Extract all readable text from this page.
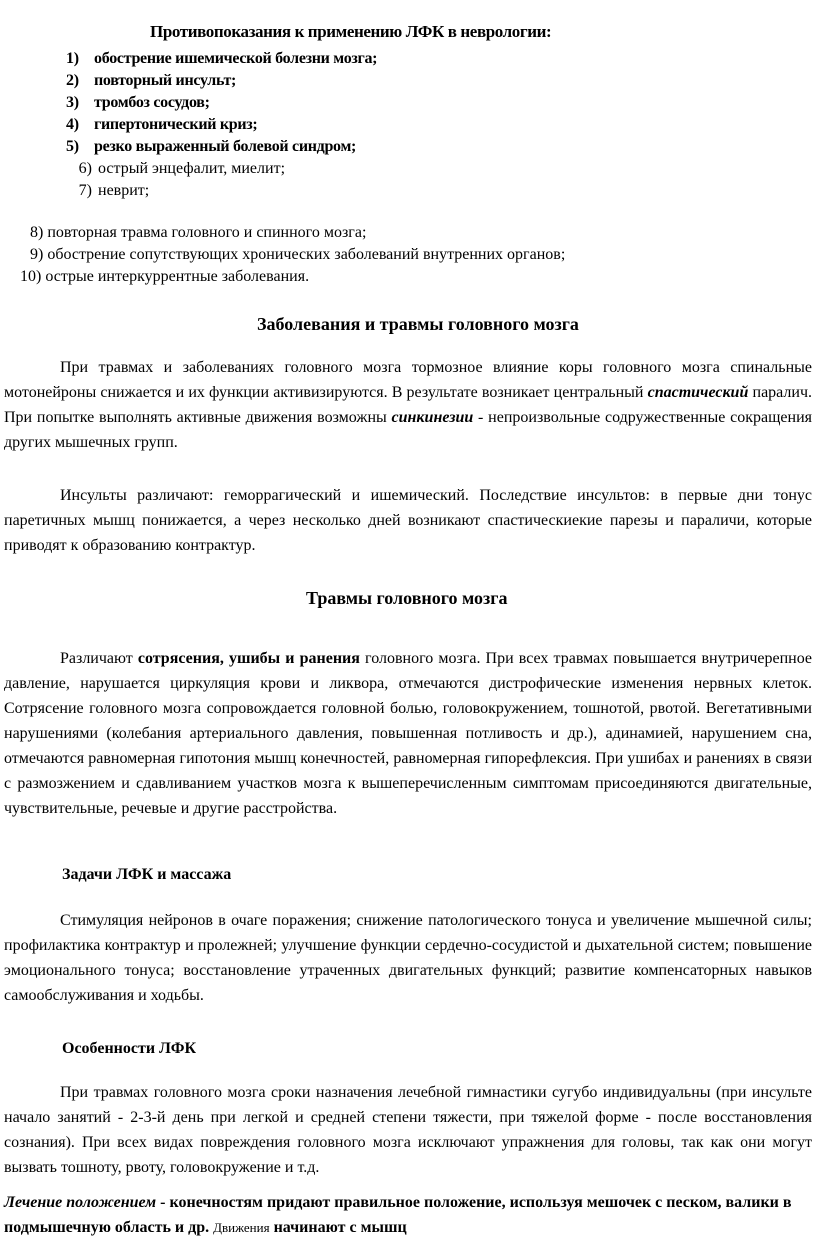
Противопоказания к применению ЛФК в неврологии:
1) обострение ишемической болезни мозга;
2) повторный инсульт;
3) тромбоз сосудов;
4) гипертонический криз;
5) резко выраженный болевой синдром;
6) острый энцефалит, миелит;
7) неврит;
8) повторная травма головного и спинного мозга;
9) обострение сопутствующих хронических заболеваний внутренних органов;
10) острые интеркуррентные заболевания.
Заболевания и травмы головного мозга

При травмах и заболеваниях головного мозга тормозное влияние коры головного мозга спинальные мотонейроны снижается и их функции активизируются. В результате возникает центральный спастический паралич. При попытке выполнять активные движения возможны синкинезии - непроизвольные содружественные сокращения других мышечных групп.

Инсульты различают: геморрагический и ишемический. Последствие инсультов: в первые дни тонус паретичных мышц понижается, а через несколько дней возникают спастическиекие парезы и параличи, которые приводят к образованию контрактур.

Травмы головного мозга

Различают сотрясения, ушибы и ранения головного мозга. При всех травмах повышается внутричерепное давление, нарушается циркуляция крови и ликвора, отмечаются дистрофические изменения нервных клеток. Сотрясение головного мозга сопровождается головной болью, головокружением, тошнотой, рвотой. Вегетативными нарушениями (колебания артериального давления, повышенная потливость и др.), адинамией, нарушением сна, отмечаются равномерная гипотония мышц конечностей, равномерная гипорефлексия. При ушибах и ранениях в связи с размозжением и сдавливанием участков мозга к вышеперечисленным симптомам присоединяются двигательные, чувствительные, речевые и другие расстройства.

Задачи ЛФК и массажа

Стимуляция нейронов в очаге поражения; снижение патологического тонуса и увеличение мышечной силы; профилактика контрактур и пролежней; улучшение функции сердечно-сосудистой и дыхательной систем; повышение эмоционального тонуса; восстановление утраченных двигательных функций; развитие компенсаторных навыков самообслуживания и ходьбы.

Особенности ЛФК

При травмах головного мозга сроки назначения лечебной гимнастики сугубо индивидуальны (при инсульте начало занятий - 2-3-й день при легкой и средней степени тяжести, при тяжелой форме - после восстановления сознания). При всех видах повреждения головного мозга исключают упражнения для головы, так как они могут вызвать тошноту, рвоту, головокружение и т.д.

Лечение положением - конечностям придают правильное положение, используя мешочек с песком, валики в подмышечную область и др. Движения начинают с мышц
